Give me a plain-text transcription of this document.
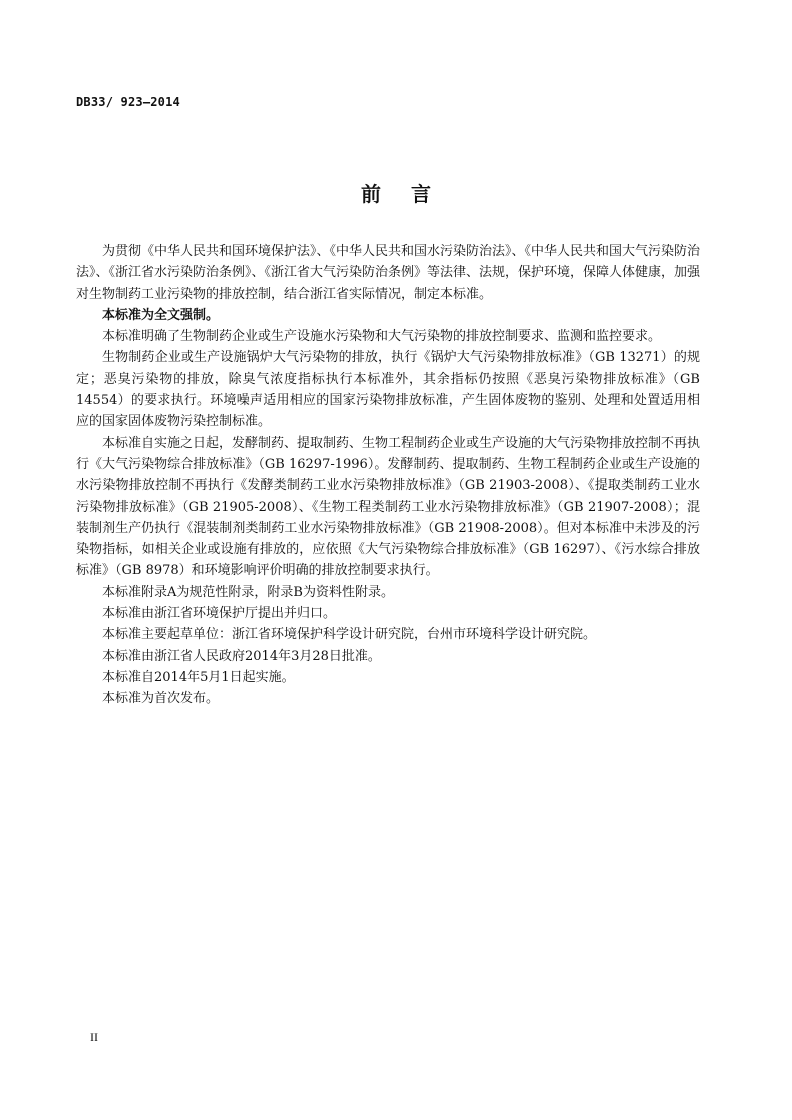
DB33/ 923—2014
前言

为贯彻《中华人民共和国环境保护法》、《中华人民共和国水污染防治法》、《中华人民共和国大气污染防治法》、《浙江省水污染防治条例》、《浙江省大气污染防治条例》等法律、法规，保护环境，保障人体健康，加强对生物制药工业污染物的排放控制，结合浙江省实际情况，制定本标准。

本标准为全文强制。

本标准明确了生物制药企业或生产设施水污染物和大气污染物的排放控制要求、监测和监控要求。

生物制药企业或生产设施锅炉大气污染物的排放，执行《锅炉大气污染物排放标准》（GB 13271）的规定；恶臭污染物的排放，除臭气浓度指标执行本标准外，其余指标仍按照《恶臭污染物排放标准》（GB 14554）的要求执行。环境噪声适用相应的国家污染物排放标准，产生固体废物的鉴别、处理和处置适用相应的国家固体废物污染控制标准。

本标准自实施之日起，发酵制药、提取制药、生物工程制药企业或生产设施的大气污染物排放控制不再执行《大气污染物综合排放标准》（GB 16297-1996）。发酵制药、提取制药、生物工程制药企业或生产设施的水污染物排放控制不再执行《发酵类制药工业水污染物排放标准》（GB 21903-2008）、《提取类制药工业水污染物排放标准》（GB 21905-2008）、《生物工程类制药工业水污染物排放标准》（GB 21907-2008）；混装制剂生产仍执行《混装制剂类制药工业水污染物排放标准》（GB 21908-2008）。但对本标准中未涉及的污染物指标，如相关企业或设施有排放的，应依照《大气污染物综合排放标准》（GB 16297）、《污水综合排放标准》（GB 8978）和环境影响评价明确的排放控制要求执行。

本标准附录A为规范性附录，附录B为资料性附录。

本标准由浙江省环境保护厅提出并归口。

本标准主要起草单位：浙江省环境保护科学设计研究院，台州市环境科学设计研究院。

本标准由浙江省人民政府2014年3月28日批准。

本标准自2014年5月1日起实施。

本标准为首次发布。

II
